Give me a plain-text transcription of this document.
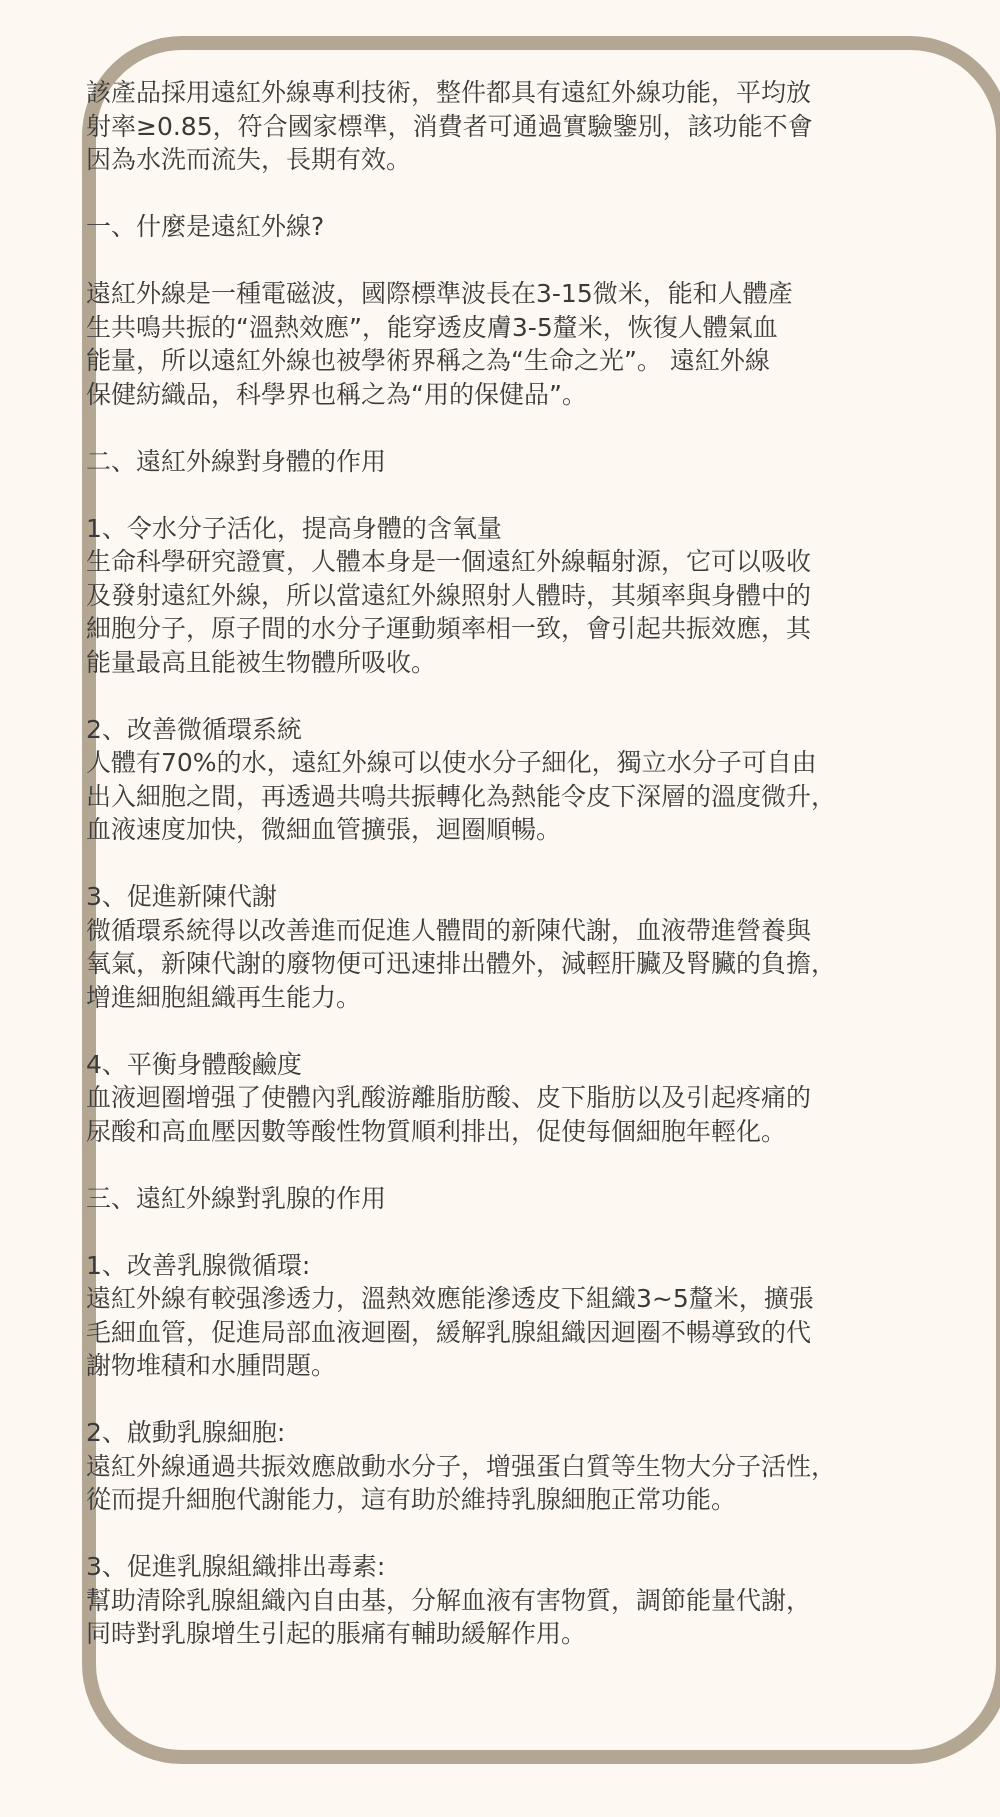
該產品採用遠紅外線專利技術，整件都具有遠紅外線功能，平均放
射率≥0.85，符合國家標準，消費者可通過實驗鑒別，該功能不會
因為水洗而流失，長期有效。
一、什麼是遠紅外線?
遠紅外線是一種電磁波，國際標準波長在3-15微米，能和人體產
生共鳴共振的“溫熱效應”，能穿透皮膚3-5釐米，恢復人體氣血
能量，所以遠紅外線也被學術界稱之為“生命之光”。 遠紅外線
保健紡織品，科學界也稱之為“用的保健品”。
二、遠紅外線對身體的作用
1、令水分子活化，提高身體的含氧量
生命科學研究證實，人體本身是一個遠紅外線輻射源，它可以吸收
及發射遠紅外線，所以當遠紅外線照射人體時，其頻率與身體中的
細胞分子，原子間的水分子運動頻率相一致，會引起共振效應，其
能量最高且能被生物體所吸收。
2、改善微循環系統
人體有70%的水，遠紅外線可以使水分子細化，獨立水分子可自由
出入細胞之間，再透過共鳴共振轉化為熱能令皮下深層的溫度微升，
血液速度加快，微細血管擴張，迴圈順暢。
3、促進新陳代謝
微循環系統得以改善進而促進人體間的新陳代謝，血液帶進營養與
氧氣，新陳代謝的廢物便可迅速排出體外，減輕肝臟及腎臟的負擔，
增進細胞組織再生能力。
4、平衡身體酸鹼度
血液迴圈增强了使體內乳酸游離脂肪酸、皮下脂肪以及引起疼痛的
尿酸和高血壓因數等酸性物質順利排出，促使每個細胞年輕化。
三、遠紅外線對乳腺的作用
1、改善乳腺微循環:
遠紅外線有較强滲透力，溫熱效應能滲透皮下組織3~5釐米，擴張
毛細血管，促進局部血液迴圈，緩解乳腺組織因迴圈不暢導致的代
謝物堆積和水腫問題。
2、啟動乳腺細胞:
遠紅外線通過共振效應啟動水分子，增强蛋白質等生物大分子活性，
從而提升細胞代謝能力，這有助於維持乳腺細胞正常功能。
3、促進乳腺組織排出毒素:
幫助清除乳腺組織內自由基，分解血液有害物質，調節能量代謝，
同時對乳腺增生引起的脹痛有輔助緩解作用。
